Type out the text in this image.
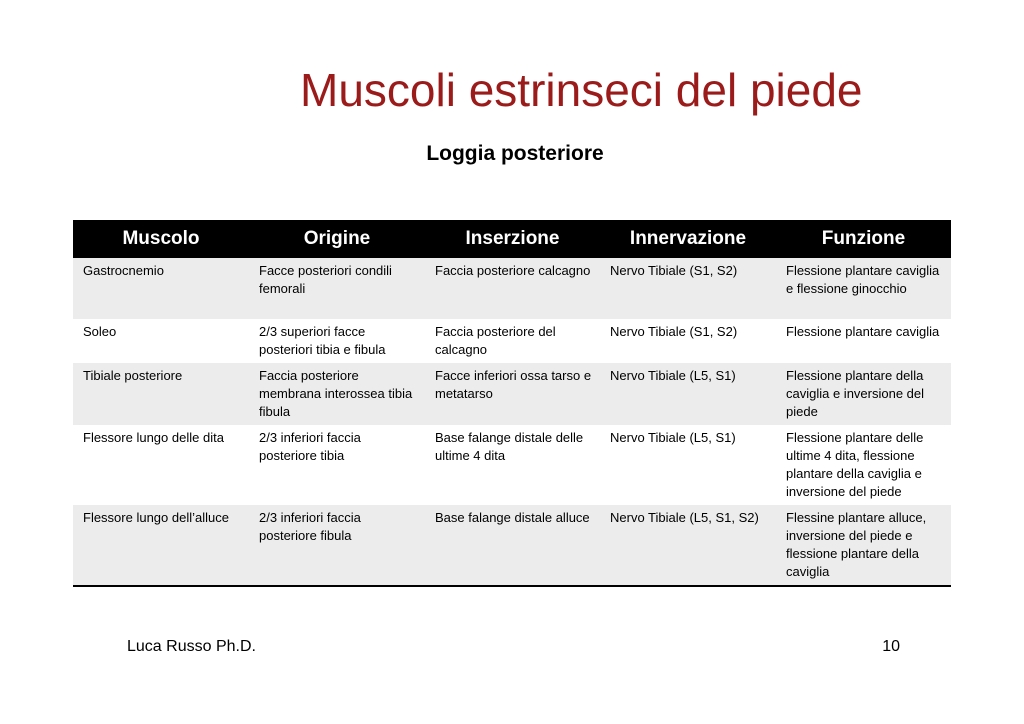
Muscoli estrinseci del piede
Loggia posteriore
Muscolo	Origine	Inserzione	Innervazione	Funzione
Gastrocnemio	Facce posteriori condili femorali	Faccia posteriore calcagno	Nervo Tibiale (S1, S2)	Flessione plantare caviglia e flessione ginocchio
Soleo	2/3 superiori facce posteriori tibia e fibula	Faccia posteriore del calcagno	Nervo Tibiale (S1, S2)	Flessione plantare caviglia
Tibiale posteriore	Faccia posteriore membrana interossea tibia fibula	Facce inferiori ossa tarso e metatarso	Nervo Tibiale (L5, S1)	Flessione plantare della caviglia e inversione del piede
Flessore lungo delle dita	2/3 inferiori faccia posteriore tibia	Base falange distale delle ultime 4 dita	Nervo Tibiale (L5, S1)	Flessione plantare delle ultime 4 dita, flessione plantare della caviglia e inversione del piede
Flessore lungo dell’alluce	2/3 inferiori faccia posteriore fibula	Base falange distale alluce	Nervo Tibiale (L5, S1, S2)	Flessine plantare alluce, inversione del piede e flessione plantare della caviglia
Luca Russo Ph.D.	10
